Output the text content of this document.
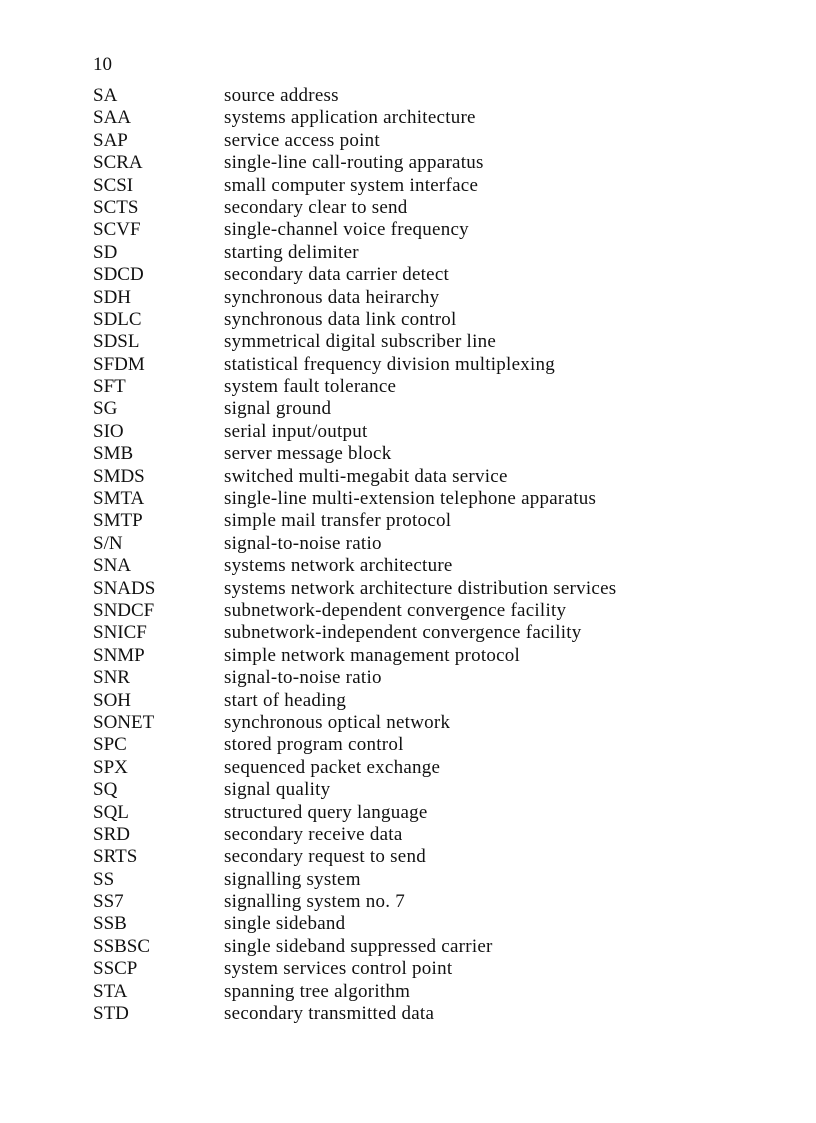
10

SA	source address
SAA	systems application architecture
SAP	service access point
SCRA	single-line call-routing apparatus
SCSI	small computer system interface
SCTS	secondary clear to send
SCVF	single-channel voice frequency
SD	starting delimiter
SDCD	secondary data carrier detect
SDH	synchronous data heirarchy
SDLC	synchronous data link control
SDSL	symmetrical digital subscriber line
SFDM	statistical frequency division multiplexing
SFT	system fault tolerance
SG	signal ground
SIO	serial input/output
SMB	server message block
SMDS	switched multi-megabit data service
SMTA	single-line multi-extension telephone apparatus
SMTP	simple mail transfer protocol
S/N	signal-to-noise ratio
SNA	systems network architecture
SNADS	systems network architecture distribution services
SNDCF	subnetwork-dependent convergence facility
SNICF	subnetwork-independent convergence facility
SNMP	simple network management protocol
SNR	signal-to-noise ratio
SOH	start of heading
SONET	synchronous optical network
SPC	stored program control
SPX	sequenced packet exchange
SQ	signal quality
SQL	structured query language
SRD	secondary receive data
SRTS	secondary request to send
SS	signalling system
SS7	signalling system no. 7
SSB	single sideband
SSBSC	single sideband suppressed carrier
SSCP	system services control point
STA	spanning tree algorithm
STD	secondary transmitted data
